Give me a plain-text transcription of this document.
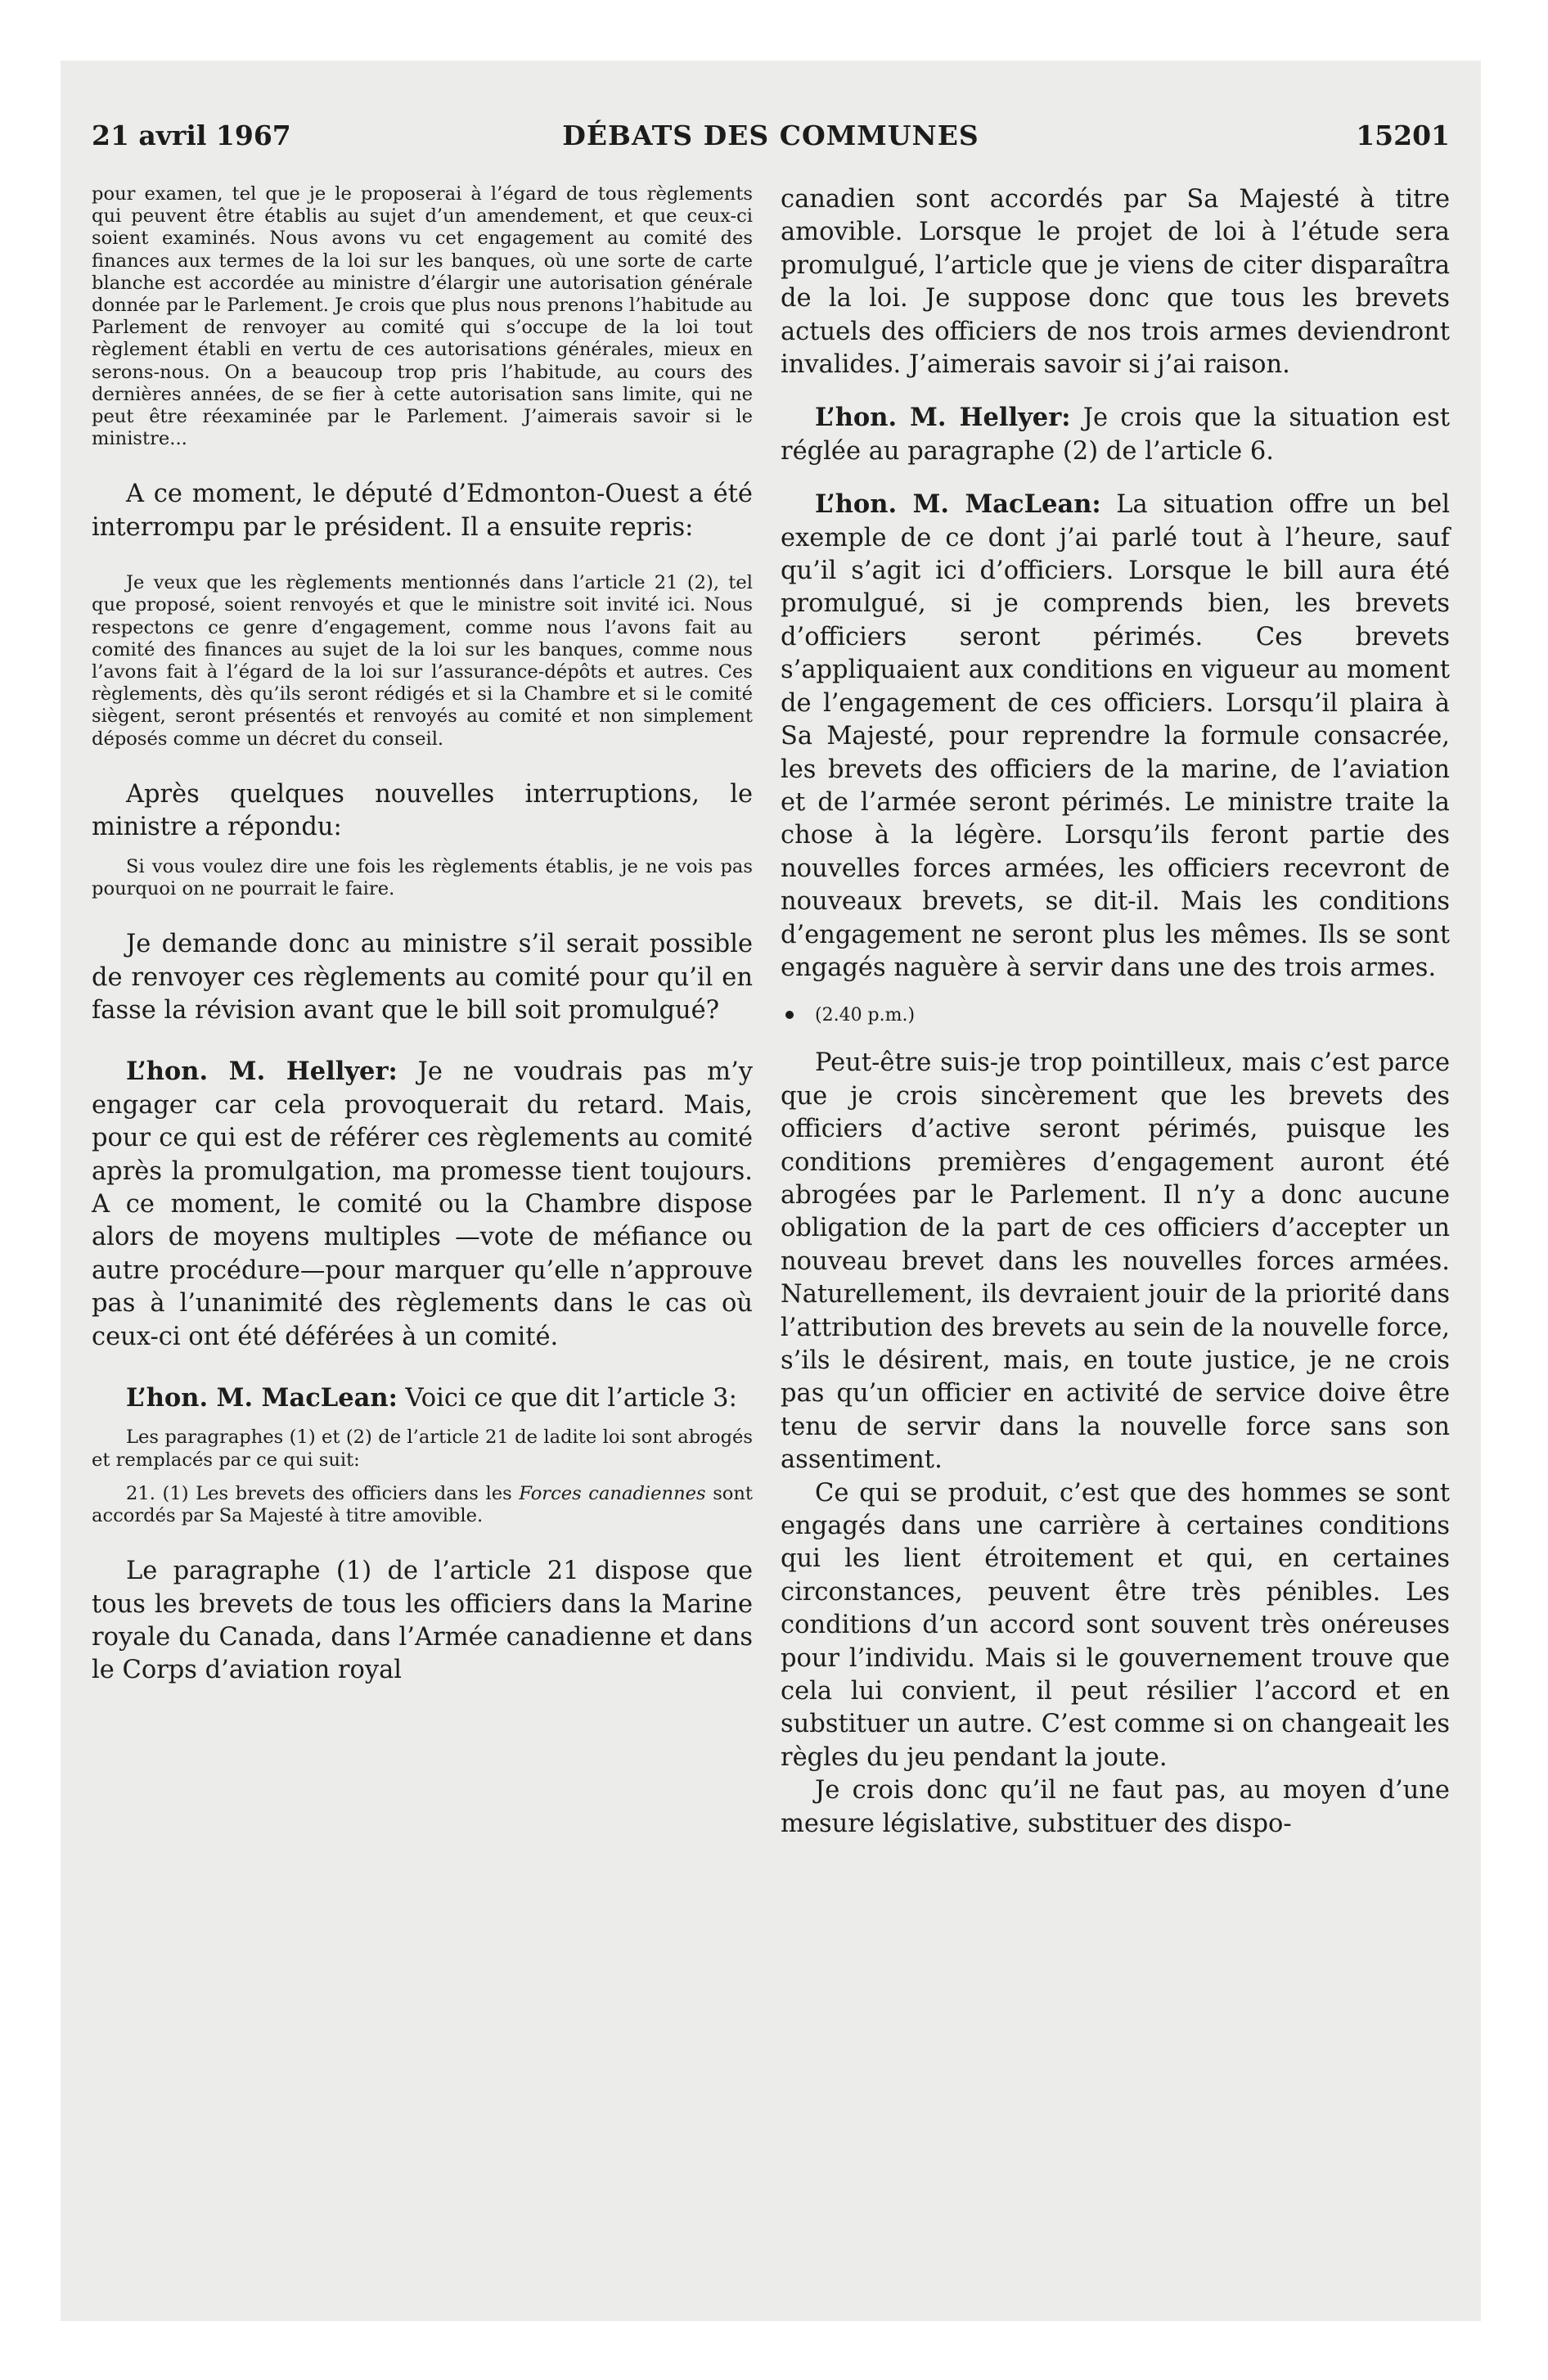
21 avril 1967	DÉBATS DES COMMUNES	15201

pour examen, tel que je le proposerai à l’égard de tous règlements qui peuvent être établis au sujet d’un amendement, et que ceux-ci soient examinés. Nous avons vu cet engagement au comité des finances aux termes de la loi sur les banques, où une sorte de carte blanche est accordée au ministre d’élargir une autorisation générale donnée par le Parlement. Je crois que plus nous prenons l’habitude au Parlement de renvoyer au comité qui s’occupe de la loi tout règlement établi en vertu de ces autorisations générales, mieux en serons-nous. On a beaucoup trop pris l’habitude, au cours des dernières années, de se fier à cette autorisation sans limite, qui ne peut être réexaminée par le Parlement. J’aimerais savoir si le ministre...

A ce moment, le député d’Edmonton-Ouest a été interrompu par le président. Il a ensuite repris:

Je veux que les règlements mentionnés dans l’article 21 (2), tel que proposé, soient renvoyés et que le ministre soit invité ici. Nous respectons ce genre d’engagement, comme nous l’avons fait au comité des finances au sujet de la loi sur les banques, comme nous l’avons fait à l’égard de la loi sur l’assurance-dépôts et autres. Ces règlements, dès qu’ils seront rédigés et si la Chambre et si le comité siègent, seront présentés et renvoyés au comité et non simplement déposés comme un décret du conseil.

Après quelques nouvelles interruptions, le ministre a répondu:

Si vous voulez dire une fois les règlements établis, je ne vois pas pourquoi on ne pourrait le faire.

Je demande donc au ministre s’il serait possible de renvoyer ces règlements au comité pour qu’il en fasse la révision avant que le bill soit promulgué?

L’hon. M. Hellyer: Je ne voudrais pas m’y engager car cela provoquerait du retard. Mais, pour ce qui est de référer ces règlements au comité après la promulgation, ma promesse tient toujours. A ce moment, le comité ou la Chambre dispose alors de moyens multiples —vote de méfiance ou autre procédure—pour marquer qu’elle n’approuve pas à l’unanimité des règlements dans le cas où ceux-ci ont été déférées à un comité.

L’hon. M. MacLean: Voici ce que dit l’article 3:

Les paragraphes (1) et (2) de l’article 21 de ladite loi sont abrogés et remplacés par ce qui suit:

21. (1) Les brevets des officiers dans les Forces canadiennes sont accordés par Sa Majesté à titre amovible.

Le paragraphe (1) de l’article 21 dispose que tous les brevets de tous les officiers dans la Marine royale du Canada, dans l’Armée canadienne et dans le Corps d’aviation royal

canadien sont accordés par Sa Majesté à titre amovible. Lorsque le projet de loi à l’étude sera promulgué, l’article que je viens de citer disparaîtra de la loi. Je suppose donc que tous les brevets actuels des officiers de nos trois armes deviendront invalides. J’aimerais savoir si j’ai raison.

L’hon. M. Hellyer: Je crois que la situation est réglée au paragraphe (2) de l’article 6.

L’hon. M. MacLean: La situation offre un bel exemple de ce dont j’ai parlé tout à l’heure, sauf qu’il s’agit ici d’officiers. Lorsque le bill aura été promulgué, si je comprends bien, les brevets d’officiers seront périmés. Ces brevets s’appliquaient aux conditions en vigueur au moment de l’engagement de ces officiers. Lorsqu’il plaira à Sa Majesté, pour reprendre la formule consacrée, les brevets des officiers de la marine, de l’aviation et de l’armée seront périmés. Le ministre traite la chose à la légère. Lorsqu’ils feront partie des nouvelles forces armées, les officiers recevront de nouveaux brevets, se dit-il. Mais les conditions d’engagement ne seront plus les mêmes. Ils se sont engagés naguère à servir dans une des trois armes.

(2.40 p.m.)

Peut-être suis-je trop pointilleux, mais c’est parce que je crois sincèrement que les brevets des officiers d’active seront périmés, puisque les conditions premières d’engagement auront été abrogées par le Parlement. Il n’y a donc aucune obligation de la part de ces officiers d’accepter un nouveau brevet dans les nouvelles forces armées. Naturellement, ils devraient jouir de la priorité dans l’attribution des brevets au sein de la nouvelle force, s’ils le désirent, mais, en toute justice, je ne crois pas qu’un officier en activité de service doive être tenu de servir dans la nouvelle force sans son assentiment.

Ce qui se produit, c’est que des hommes se sont engagés dans une carrière à certaines conditions qui les lient étroitement et qui, en certaines circonstances, peuvent être très pénibles. Les conditions d’un accord sont souvent très onéreuses pour l’individu. Mais si le gouvernement trouve que cela lui convient, il peut résilier l’accord et en substituer un autre. C’est comme si on changeait les règles du jeu pendant la joute.

Je crois donc qu’il ne faut pas, au moyen d’une mesure législative, substituer des dispo-
